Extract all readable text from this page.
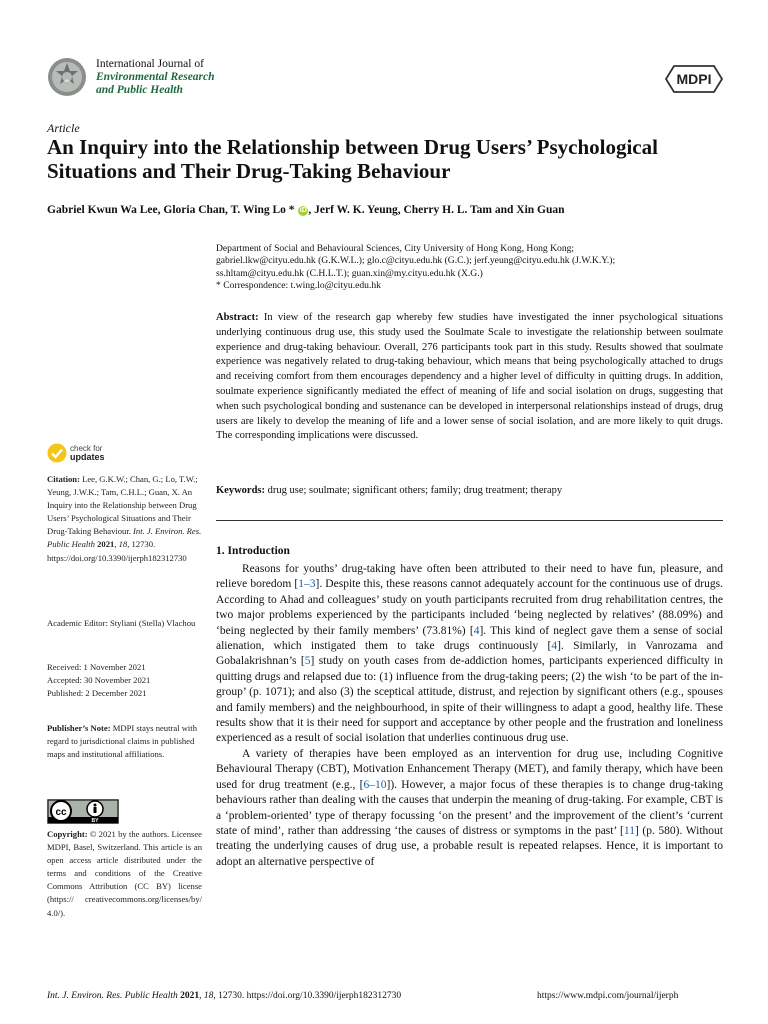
International Journal of
Environmental Research
and Public Health
MDPI
Article
An Inquiry into the Relationship between Drug Users’ Psychological Situations and Their Drug-Taking Behaviour
Gabriel Kwun Wa Lee, Gloria Chan, T. Wing Lo * iD , Jerf W. K. Yeung, Cherry H. L. Tam and Xin Guan
Department of Social and Behavioural Sciences, City University of Hong Kong, Hong Kong;
gabriel.lkw@cityu.edu.hk (G.K.W.L.); glo.c@cityu.edu.hk (G.C.); jerf.yeung@cityu.edu.hk (J.W.K.Y.);
ss.hltam@cityu.edu.hk (C.H.L.T.); guan.xin@my.cityu.edu.hk (X.G.)
* Correspondence: t.wing.lo@cityu.edu.hk
Abstract: In view of the research gap whereby few studies have investigated the inner psychological situations underlying continuous drug use, this study used the Soulmate Scale to investigate the relationship between soulmate experience and drug-taking behaviour. Overall, 276 participants took part in this study. Results showed that soulmate experience was negatively related to drug-taking behaviour, which means that being psychologically attached to drugs and receiving comfort from them encourages dependency and a higher level of difficulty in quitting drugs. In addition, soulmate experience significantly mediated the effect of meaning of life and social isolation on drugs, suggesting that when such psychological bonding and sustenance can be developed in interpersonal relationships instead of drugs, drug users are likely to develop the meaning of life and a lower sense of social isolation, and are more likely to quit drugs. The corresponding implications were discussed.
Keywords: drug use; soulmate; significant others; family; drug treatment; therapy
1. Introduction

Reasons for youths’ drug-taking have often been attributed to their need to have fun, pleasure, and relieve boredom [1–3]. Despite this, these reasons cannot adequately account for the continuous use of drugs. According to Ahad and colleagues’ study on youth participants recruited from drug rehabilitation centres, the two major problems experienced by the participants included ‘being neglected by relatives’ (88.09%) and ‘being neglected by their family members’ (73.81%) [4]. This kind of neglect gave them a sense of social alienation, which instigated them to take drugs continuously [4]. Similarly, in Vanrozama and Gobalakrishnan’s [5] study on youth cases from de-addiction homes, participants experienced difficulty in quitting drugs and relapsed due to: (1) influence from the drug-taking peers; (2) the wish ‘to be part of the in-group’ (p. 1071); and also (3) the sceptical attitude, distrust, and rejection by significant others (e.g., spouses and family members) and the neighbourhood, in spite of their willingness to adapt a good, healthy life. These results show that it is their need for support and acceptance by other people and the frustration and loneliness experienced as a result of social isolation that underlies continuous drug use.

A variety of therapies have been employed as an intervention for drug use, including Cognitive Behavioural Therapy (CBT), Motivation Enhancement Therapy (MET), and family therapy, which have been used for drug treatment (e.g., [6–10]). However, a major focus of these therapies is to change drug-taking behaviours rather than dealing with the causes that underpin the meaning of drug-taking. For example, CBT is a ‘problem-oriented’ type of therapy focussing ‘on the present’ and the improvement of the client’s ‘current state of mind’, rather than addressing ‘the causes of distress or symptoms in the past’ [11] (p. 580). Without treating the underlying causes of drug use, a probable result is repeated relapses. Hence, it is important to adopt an alternative perspective of

check for
updates
Citation: Lee, G.K.W.; Chan, G.; Lo, T.W.; Yeung, J.W.K.; Tam, C.H.L.; Guan, X. An Inquiry into the Relationship between Drug Users’ Psychological Situations and Their Drug-Taking Behaviour. Int. J. Environ. Res. Public Health 2021, 18, 12730. https://doi.org/10.3390/ijerph182312730
Academic Editor: Styliani (Stella) Vlachou
Received: 1 November 2021
Accepted: 30 November 2021
Published: 2 December 2021
Publisher’s Note: MDPI stays neutral with regard to jurisdictional claims in published maps and institutional affiliations.
cc
BY
Copyright: © 2021 by the authors. Licensee MDPI, Basel, Switzerland. This article is an open access article distributed under the terms and conditions of the Creative Commons Attribution (CC BY) license (https:// creativecommons.org/licenses/by/ 4.0/).
Int. J. Environ. Res. Public Health 2021, 18, 12730. https://doi.org/10.3390/ijerph182312730	https://www.mdpi.com/journal/ijerph
